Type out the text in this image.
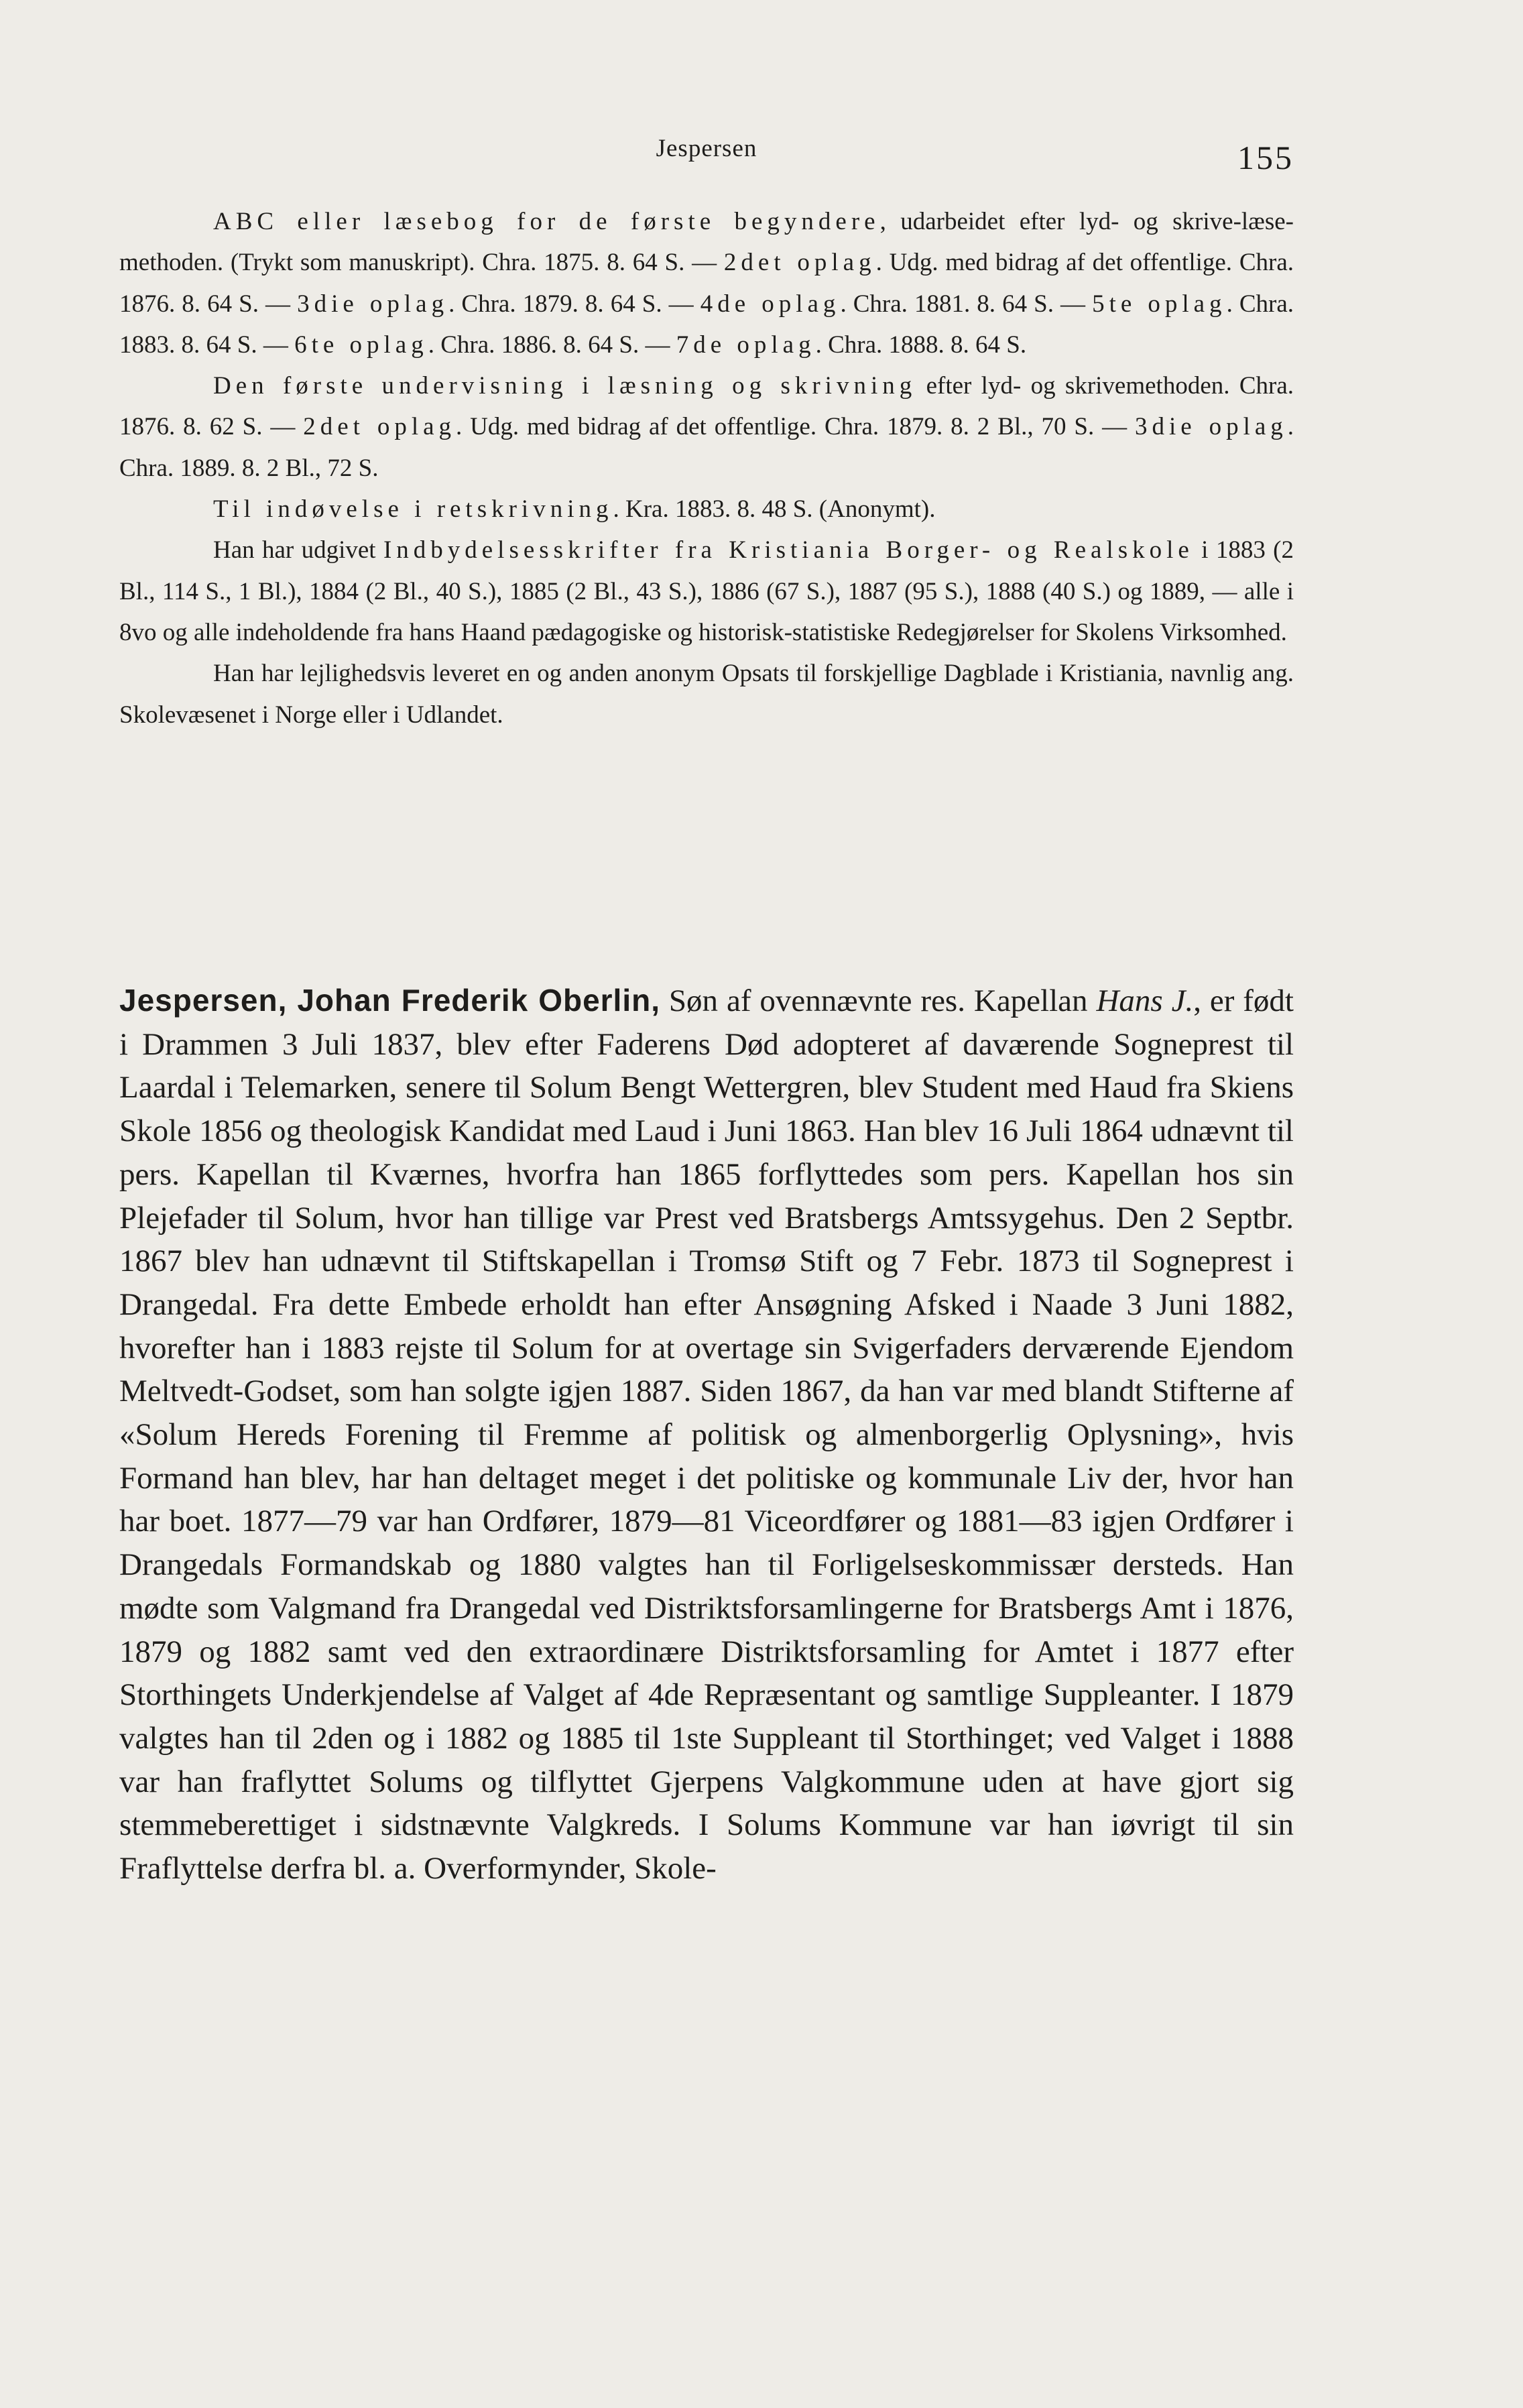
Jespersen	155

ABC eller læsebog for de første begyndere, udarbeidet efter lyd- og skrive-læse-methoden. (Trykt som manuskript). Chra. 1875. 8. 64 S. — 2det oplag. Udg. med bidrag af det offentlige. Chra. 1876. 8. 64 S. — 3die oplag. Chra. 1879. 8. 64 S. — 4de oplag. Chra. 1881. 8. 64 S. — 5te oplag. Chra. 1883. 8. 64 S. — 6te oplag. Chra. 1886. 8. 64 S. — 7de oplag. Chra. 1888. 8. 64 S.

Den første undervisning i læsning og skrivning efter lyd- og skrivemethoden. Chra. 1876. 8. 62 S. — 2det oplag. Udg. med bidrag af det offentlige. Chra. 1879. 8. 2 Bl., 70 S. — 3die oplag. Chra. 1889. 8. 2 Bl., 72 S.

Til indøvelse i retskrivning. Kra. 1883. 8. 48 S. (Anonymt).

Han har udgivet Indbydelsesskrifter fra Kristiania Borger- og Realskole i 1883 (2 Bl., 114 S., 1 Bl.), 1884 (2 Bl., 40 S.), 1885 (2 Bl., 43 S.), 1886 (67 S.), 1887 (95 S.), 1888 (40 S.) og 1889, — alle i 8vo og alle indeholdende fra hans Haand pædagogiske og historisk-statistiske Redegjørelser for Skolens Virksomhed.

Han har lejlighedsvis leveret en og anden anonym Opsats til forskjellige Dagblade i Kristiania, navnlig ang. Skolevæsenet i Norge eller i Udlandet.

Jespersen, Johan Frederik Oberlin, Søn af ovennævnte res. Kapellan Hans J., er født i Drammen 3 Juli 1837, blev efter Faderens Død adopteret af daværende Sogneprest til Laardal i Telemarken, senere til Solum Bengt Wettergren, blev Student med Haud fra Skiens Skole 1856 og theologisk Kandidat med Laud i Juni 1863. Han blev 16 Juli 1864 udnævnt til pers. Kapellan til Kværnes, hvorfra han 1865 forflyttedes som pers. Kapellan hos sin Plejefader til Solum, hvor han tillige var Prest ved Bratsbergs Amtssygehus. Den 2 Septbr. 1867 blev han udnævnt til Stiftskapellan i Tromsø Stift og 7 Febr. 1873 til Sogneprest i Drangedal. Fra dette Embede erholdt han efter Ansøgning Afsked i Naade 3 Juni 1882, hvorefter han i 1883 rejste til Solum for at overtage sin Svigerfaders derværende Ejendom Meltvedt-Godset, som han solgte igjen 1887. Siden 1867, da han var med blandt Stifterne af «Solum Hereds Forening til Fremme af politisk og almenborgerlig Oplysning», hvis Formand han blev, har han deltaget meget i det politiske og kommunale Liv der, hvor han har boet. 1877—79 var han Ordfører, 1879—81 Viceordfører og 1881—83 igjen Ordfører i Drangedals Formandskab og 1880 valgtes han til Forligelseskommissær dersteds. Han mødte som Valgmand fra Drangedal ved Distriktsforsamlingerne for Bratsbergs Amt i 1876, 1879 og 1882 samt ved den extraordinære Distriktsforsamling for Amtet i 1877 efter Storthingets Underkjendelse af Valget af 4de Repræsentant og samtlige Suppleanter. I 1879 valgtes han til 2den og i 1882 og 1885 til 1ste Suppleant til Storthinget; ved Valget i 1888 var han fraflyttet Solums og tilflyttet Gjerpens Valgkommune uden at have gjort sig stemmeberettiget i sidstnævnte Valgkreds. I Solums Kommune var han iøvrigt til sin Fraflyttelse derfra bl. a. Overformynder, Skole-
